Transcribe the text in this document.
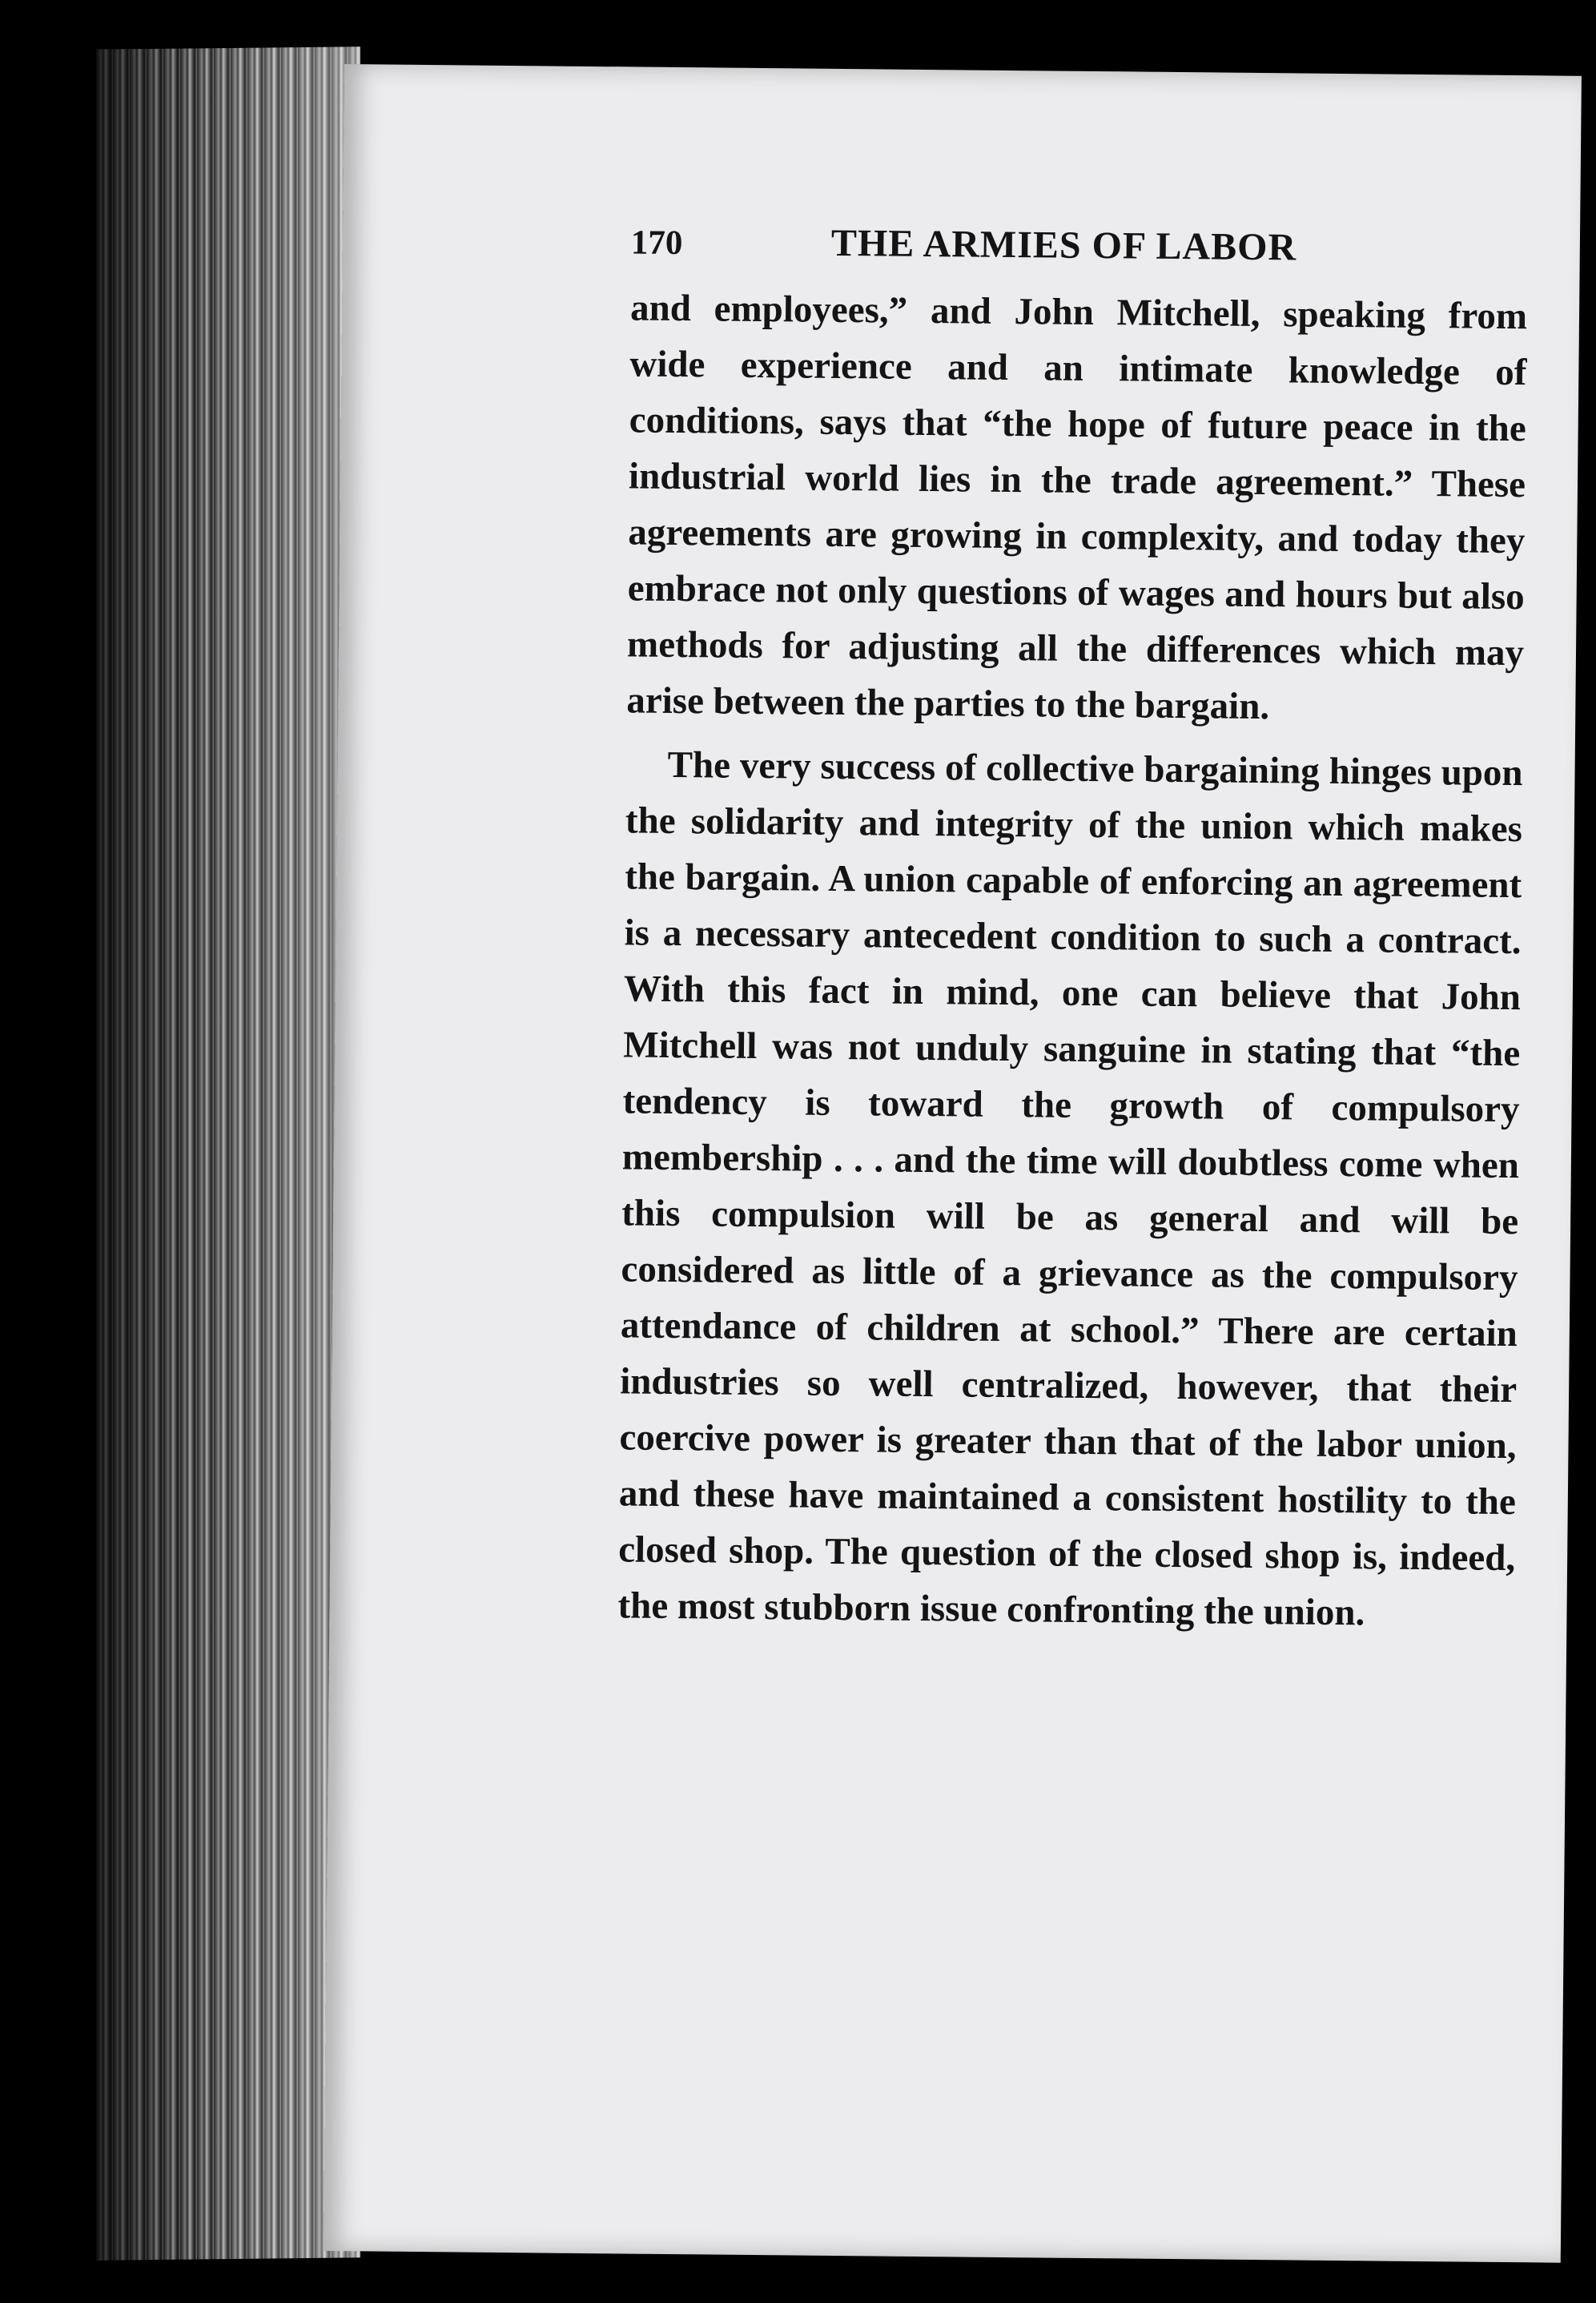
170	THE ARMIES OF LABOR

and employees,” and John Mitchell, speaking from wide experience and an intimate knowledge of conditions, says that “the hope of future peace in the industrial world lies in the trade agreement.” These agreements are growing in complexity, and today they embrace not only questions of wages and hours but also methods for adjusting all the differences which may arise between the parties to the bargain.

The very success of collective bargaining hinges upon the solidarity and integrity of the union which makes the bargain. A union capable of enforcing an agreement is a necessary antecedent condition to such a contract. With this fact in mind, one can believe that John Mitchell was not unduly sanguine in stating that “the tendency is toward the growth of compulsory membership . . . and the time will doubtless come when this compulsion will be as general and will be considered as little of a grievance as the compulsory attendance of children at school.” There are certain industries so well centralized, however, that their coercive power is greater than that of the labor union, and these have maintained a consistent hostility to the closed shop. The question of the closed shop is, indeed, the most stubborn issue confronting the union.
